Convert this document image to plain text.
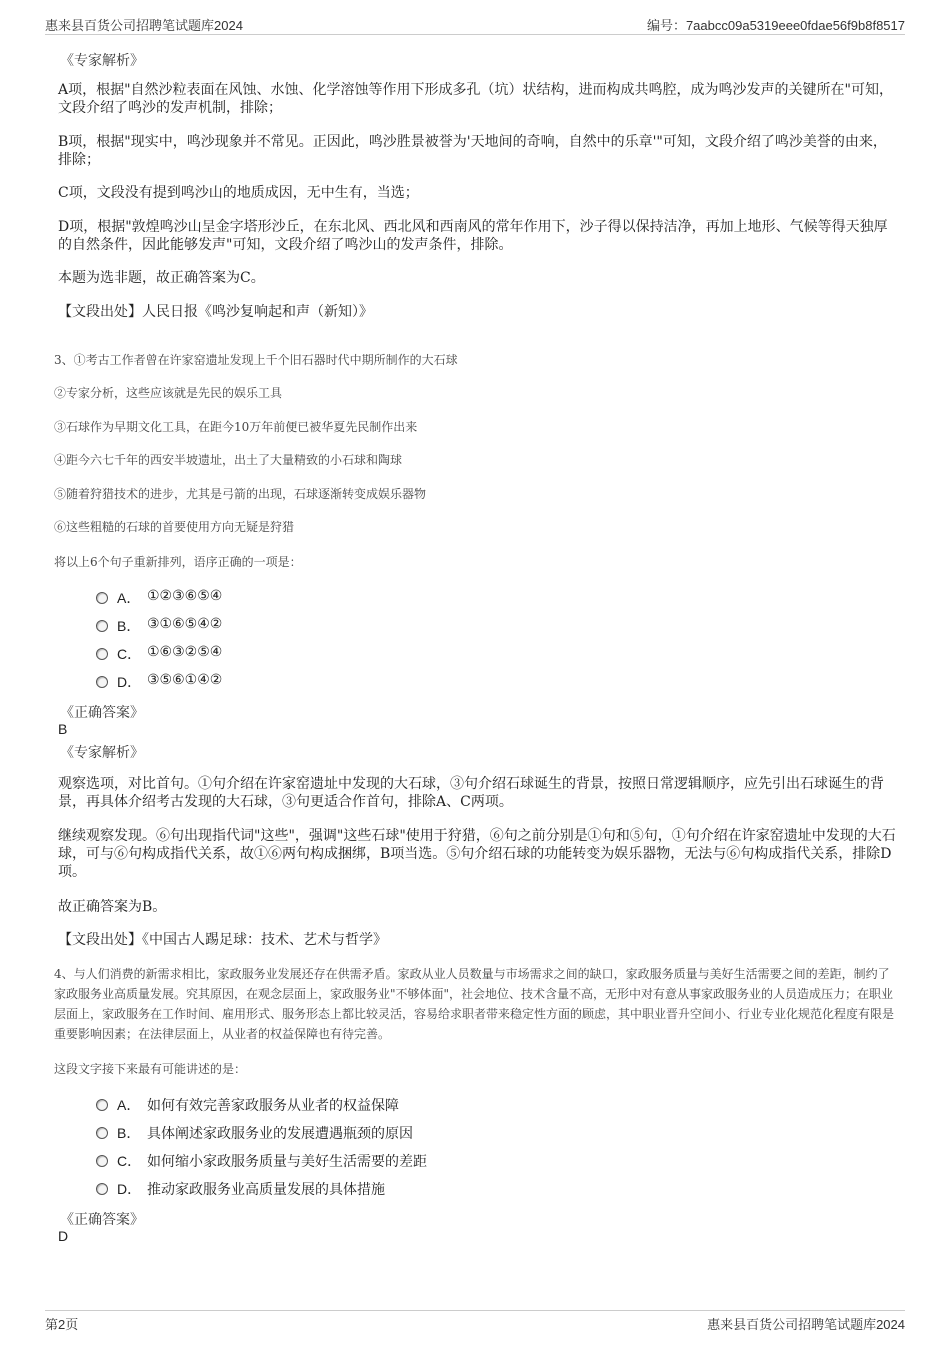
惠来县百货公司招聘笔试题库2024	编号：7aabcc09a5319eee0fdae56f9b8f8517
《专家解析》
A项，根据"自然沙粒表面在风蚀、水蚀、化学溶蚀等作用下形成多孔（坑）状结构，进而构成共鸣腔，成为鸣沙发声的关键所在"可知，文段介绍了鸣沙的发声机制，排除；
B项，根据"现实中，鸣沙现象并不常见。正因此，鸣沙胜景被誉为'天地间的奇响，自然中的乐章'"可知，文段介绍了鸣沙美誉的由来，排除；
C项，文段没有提到鸣沙山的地质成因，无中生有，当选；
D项，根据"敦煌鸣沙山呈金字塔形沙丘，在东北风、西北风和西南风的常年作用下，沙子得以保持洁净，再加上地形、气候等得天独厚的自然条件，因此能够发声"可知，文段介绍了鸣沙山的发声条件，排除。
本题为选非题，故正确答案为C。
【文段出处】人民日报《鸣沙复响起和声（新知）》
3、①考古工作者曾在许家窑遗址发现上千个旧石器时代中期所制作的大石球
②专家分析，这些应该就是先民的娱乐工具
③石球作为早期文化工具，在距今10万年前便已被华夏先民制作出来
④距今六七千年的西安半坡遗址，出土了大量精致的小石球和陶球
⑤随着狩猎技术的进步，尤其是弓箭的出现，石球逐渐转变成娱乐器物
⑥这些粗糙的石球的首要使用方向无疑是狩猎
将以上6个句子重新排列，语序正确的一项是：
A． ①②③⑥⑤④
B． ③①⑥⑤④②
C． ①⑥③②⑤④
D． ③⑤⑥①④②
《正确答案》
B
《专家解析》
观察选项，对比首句。①句介绍在许家窑遗址中发现的大石球，③句介绍石球诞生的背景，按照日常逻辑顺序，应先引出石球诞生的背景，再具体介绍考古发现的大石球，③句更适合作首句，排除A、C两项。
继续观察发现。⑥句出现指代词"这些"，强调"这些石球"使用于狩猎，⑥句之前分别是①句和⑤句，①句介绍在许家窑遗址中发现的大石球，可与⑥句构成指代关系，故①⑥两句构成捆绑，B项当选。⑤句介绍石球的功能转变为娱乐器物，无法与⑥句构成指代关系，排除D项。
故正确答案为B。
【文段出处】《中国古人踢足球：技术、艺术与哲学》
4、与人们消费的新需求相比，家政服务业发展还存在供需矛盾。家政从业人员数量与市场需求之间的缺口，家政服务质量与美好生活需要之间的差距，制约了家政服务业高质量发展。究其原因，在观念层面上，家政服务业"不够体面"，社会地位、技术含量不高，无形中对有意从事家政服务业的人员造成压力；在职业层面上，家政服务在工作时间、雇用形式、服务形态上都比较灵活，容易给求职者带来稳定性方面的顾虑，其中职业晋升空间小、行业专业化规范化程度有限是重要影响因素；在法律层面上，从业者的权益保障也有待完善。
这段文字接下来最有可能讲述的是：
A． 如何有效完善家政服务从业者的权益保障
B． 具体阐述家政服务业的发展遭遇瓶颈的原因
C． 如何缩小家政服务质量与美好生活需要的差距
D． 推动家政服务业高质量发展的具体措施
《正确答案》
D
第2页	惠来县百货公司招聘笔试题库2024
